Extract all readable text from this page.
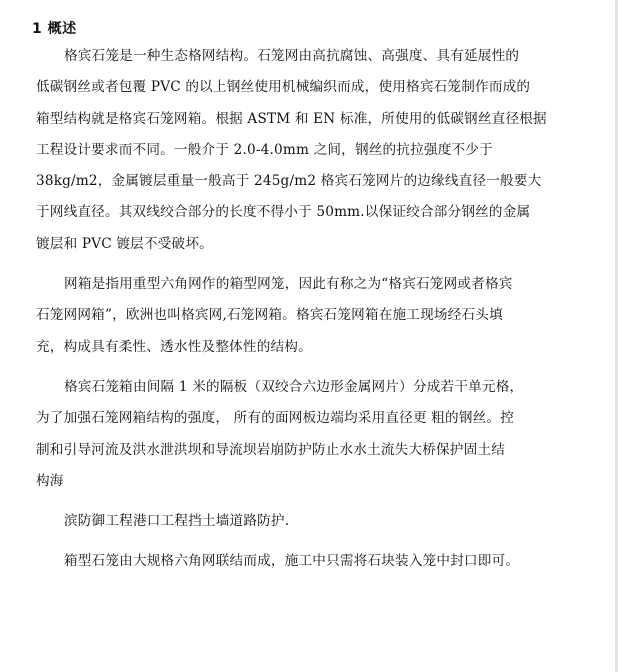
1 概述
格宾石笼是一种生态格网结构。石笼网由高抗腐蚀、高强度、具有延展性的
低碳钢丝或者包覆 PVC 的以上钢丝使用机械编织而成，使用格宾石笼制作而成的
箱型结构就是格宾石笼网箱。根据 ASTM 和 EN 标准，所使用的低碳钢丝直径根据
工程设计要求而不同。一般介于 2.0-4.0mm 之间，钢丝的抗拉强度不少于
38kg/m2，金属镀层重量一般高于 245g/m2 格宾石笼网片的边缘线直径一般要大
于网线直径。其双线绞合部分的长度不得小于 50mm.以保证绞合部分钢丝的金属
镀层和 PVC 镀层不受破坏。
网箱是指用重型六角网作的箱型网笼，因此有称之为“格宾石笼网或者格宾
石笼网网箱”，欧洲也叫格宾网,石笼网箱。格宾石笼网箱在施工现场经石头填
充，构成具有柔性、透水性及整体性的结构。
格宾石笼箱由间隔 1 米的隔板（双绞合六边形金属网片）分成若干单元格，
为了加强石笼网箱结构的强度， 所有的面网板边端均采用直径更 粗的钢丝。控
制和引导河流及洪水泄洪坝和导流坝岩崩防护防止水水土流失大桥保护固土结
构海
滨防御工程港口工程挡土墙道路防护.
箱型石笼由大规格六角网联结而成，施工中只需将石块装入笼中封口即可。
